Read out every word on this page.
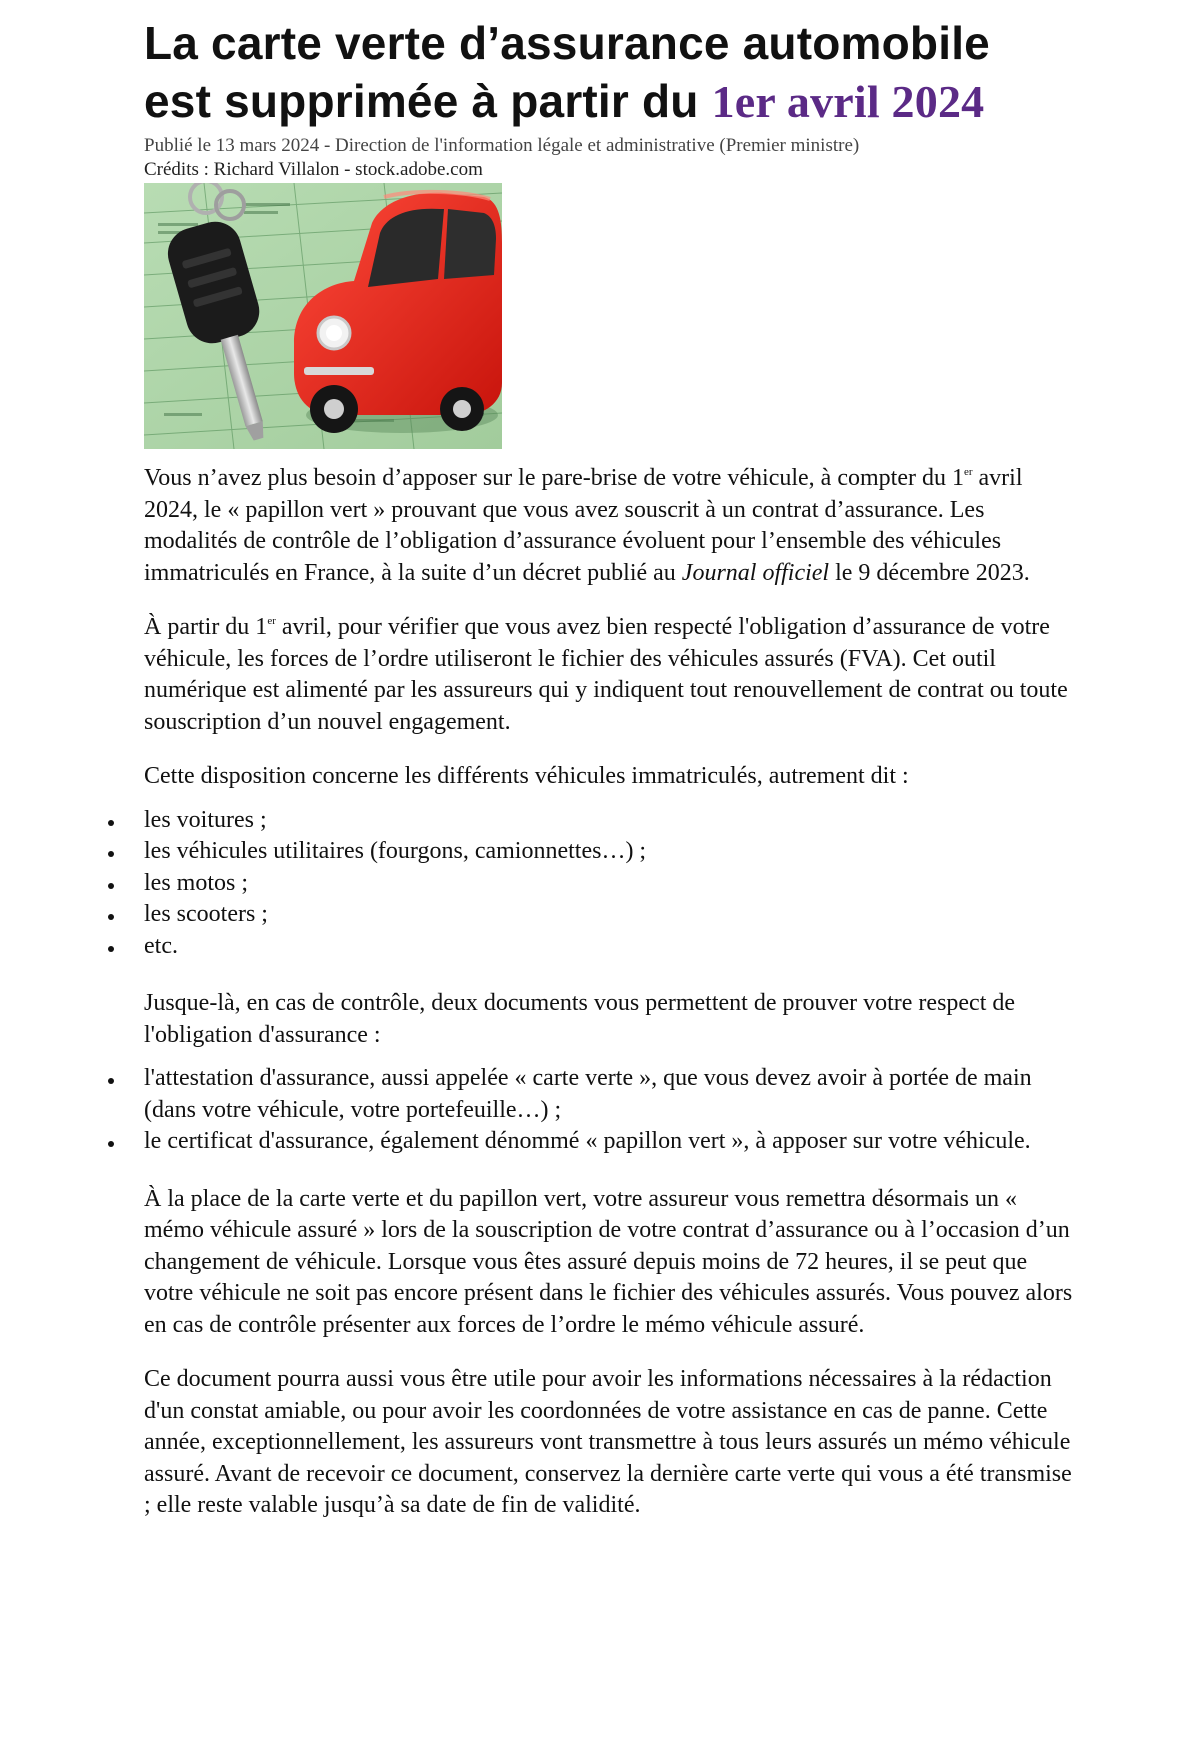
La carte verte d’assurance automobile
est supprimée à partir du 1er avril 2024
Publié le 13 mars 2024 - Direction de l'information légale et administrative (Premier ministre)
Crédits : Richard Villalon - stock.adobe.com

Vous n’avez plus besoin d’apposer sur le pare-brise de votre véhicule, à compter du 1er avril 2024, le « papillon vert » prouvant que vous avez souscrit à un contrat d’assurance. Les modalités de contrôle de l’obligation d’assurance évoluent pour l’ensemble des véhicules immatriculés en France, à la suite d’un décret publié au Journal officiel le 9 décembre 2023.

À partir du 1er avril, pour vérifier que vous avez bien respecté l'obligation d’assurance de votre véhicule, les forces de l’ordre utiliseront le fichier des véhicules assurés (FVA). Cet outil numérique est alimenté par les assureurs qui y indiquent tout renouvellement de contrat ou toute souscription d’un nouvel engagement.

Cette disposition concerne les différents véhicules immatriculés, autrement dit :

les voitures ;
les véhicules utilitaires (fourgons, camionnettes…) ;
les motos ;
les scooters ;
etc.

Jusque-là, en cas de contrôle, deux documents vous permettent de prouver votre respect de l'obligation d'assurance :

l'attestation d'assurance, aussi appelée « carte verte », que vous devez avoir à portée de main (dans votre véhicule, votre portefeuille…) ;
le certificat d'assurance, également dénommé « papillon vert », à apposer sur votre véhicule.

À la place de la carte verte et du papillon vert, votre assureur vous remettra désormais un « mémo véhicule assuré » lors de la souscription de votre contrat d’assurance ou à l’occasion d’un changement de véhicule. Lorsque vous êtes assuré depuis moins de 72 heures, il se peut que votre véhicule ne soit pas encore présent dans le fichier des véhicules assurés. Vous pouvez alors en cas de contrôle présenter aux forces de l’ordre le mémo véhicule assuré.

Ce document pourra aussi vous être utile pour avoir les informations nécessaires à la rédaction d'un constat amiable, ou pour avoir les coordonnées de votre assistance en cas de panne. Cette année, exceptionnellement, les assureurs vont transmettre à tous leurs assurés un mémo véhicule assuré. Avant de recevoir ce document, conservez la dernière carte verte qui vous a été transmise ; elle reste valable jusqu’à sa date de fin de validité.
